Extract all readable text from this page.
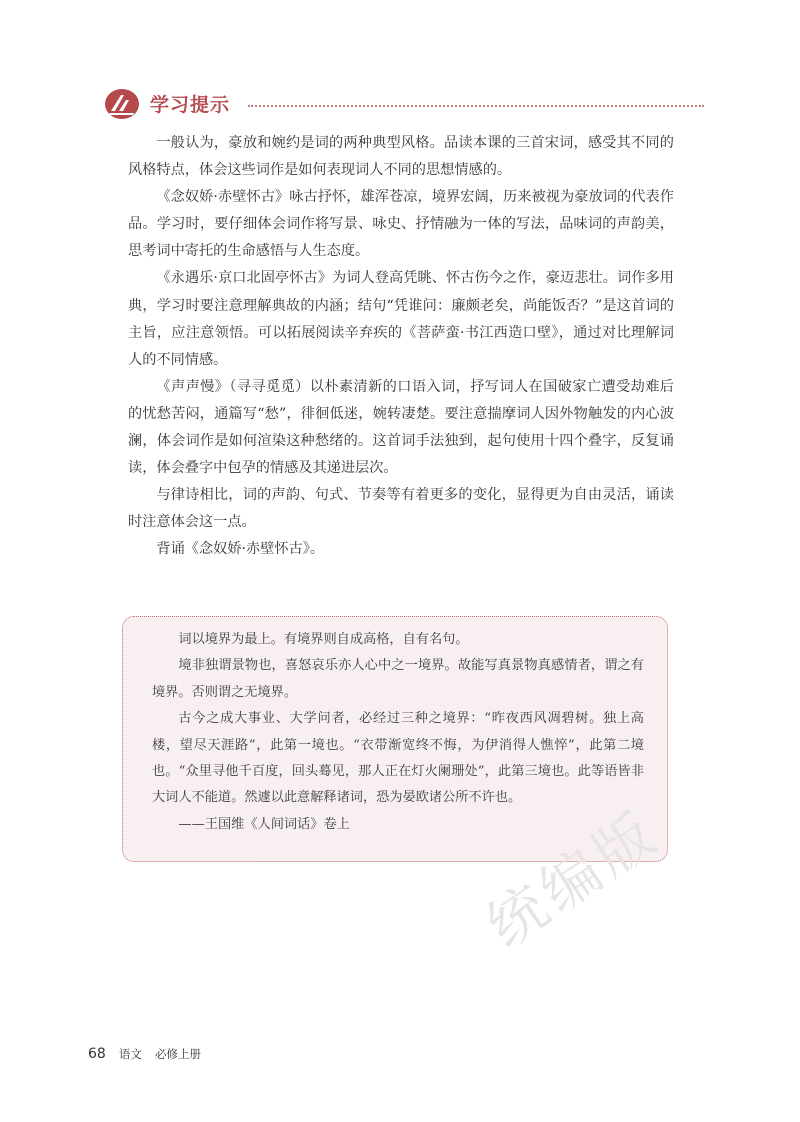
学习提示

一般认为，豪放和婉约是词的两种典型风格。品读本课的三首宋词，感受其不同的风格特点，体会这些词作是如何表现词人不同的思想情感的。

《念奴娇·赤壁怀古》咏古抒怀，雄浑苍凉，境界宏阔，历来被视为豪放词的代表作品。学习时，要仔细体会词作将写景、咏史、抒情融为一体的写法，品味词的声韵美，思考词中寄托的生命感悟与人生态度。

《永遇乐·京口北固亭怀古》为词人登高凭眺、怀古伤今之作，豪迈悲壮。词作多用典，学习时要注意理解典故的内涵；结句“凭谁问：廉颇老矣，尚能饭否？”是这首词的主旨，应注意领悟。可以拓展阅读辛弃疾的《菩萨蛮·书江西造口壁》，通过对比理解词人的不同情感。

《声声慢》（寻寻觅觅）以朴素清新的口语入词，抒写词人在国破家亡遭受劫难后的忧愁苦闷，通篇写“愁”，徘徊低迷，婉转凄楚。要注意揣摩词人因外物触发的内心波澜，体会词作是如何渲染这种愁绪的。这首词手法独到，起句使用十四个叠字，反复诵读，体会叠字中包孕的情感及其递进层次。

与律诗相比，词的声韵、句式、节奏等有着更多的变化，显得更为自由灵活，诵读时注意体会这一点。

背诵《念奴娇·赤壁怀古》。

词以境界为最上。有境界则自成高格，自有名句。

境非独谓景物也，喜怒哀乐亦人心中之一境界。故能写真景物真感情者，谓之有境界。否则谓之无境界。

古今之成大事业、大学问者，必经过三种之境界：“昨夜西风凋碧树。独上高楼，望尽天涯路”，此第一境也。“衣带渐宽终不悔，为伊消得人憔悴”，此第二境也。“众里寻他千百度，回头蓦见，那人正在灯火阑珊处”，此第三境也。此等语皆非大词人不能道。然遽以此意解释诸词，恐为晏欧诸公所不许也。

——王国维《人间词话》卷上	统编版
68 语文 必修上册
